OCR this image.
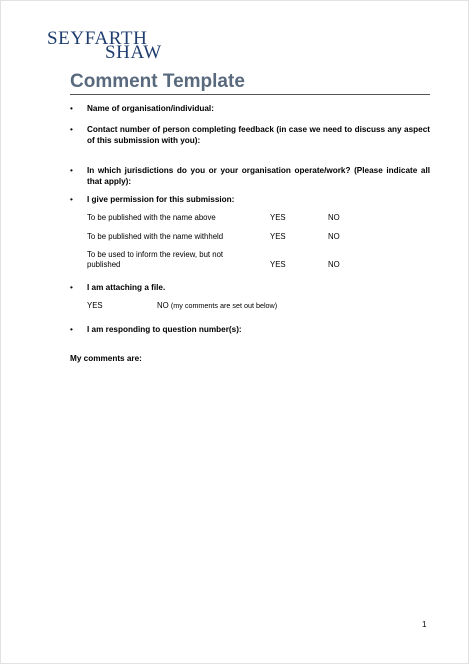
SEYFARTH
SHAW
Comment Template
• Name of organisation/individual:
• Contact number of person completing feedback (in case we need to discuss any aspect of this submission with you):
• In which jurisdictions do you or your organisation operate/work? (Please indicate all that apply):
• I give permission for this submission:
To be published with the name above	YES	NO
To be published with the name withheld	YES	NO
To be used to inform the review, but not published	YES	NO
• I am attaching a file.
YES	NO (my comments are set out below)
• I am responding to question number(s):
My comments are:
1
